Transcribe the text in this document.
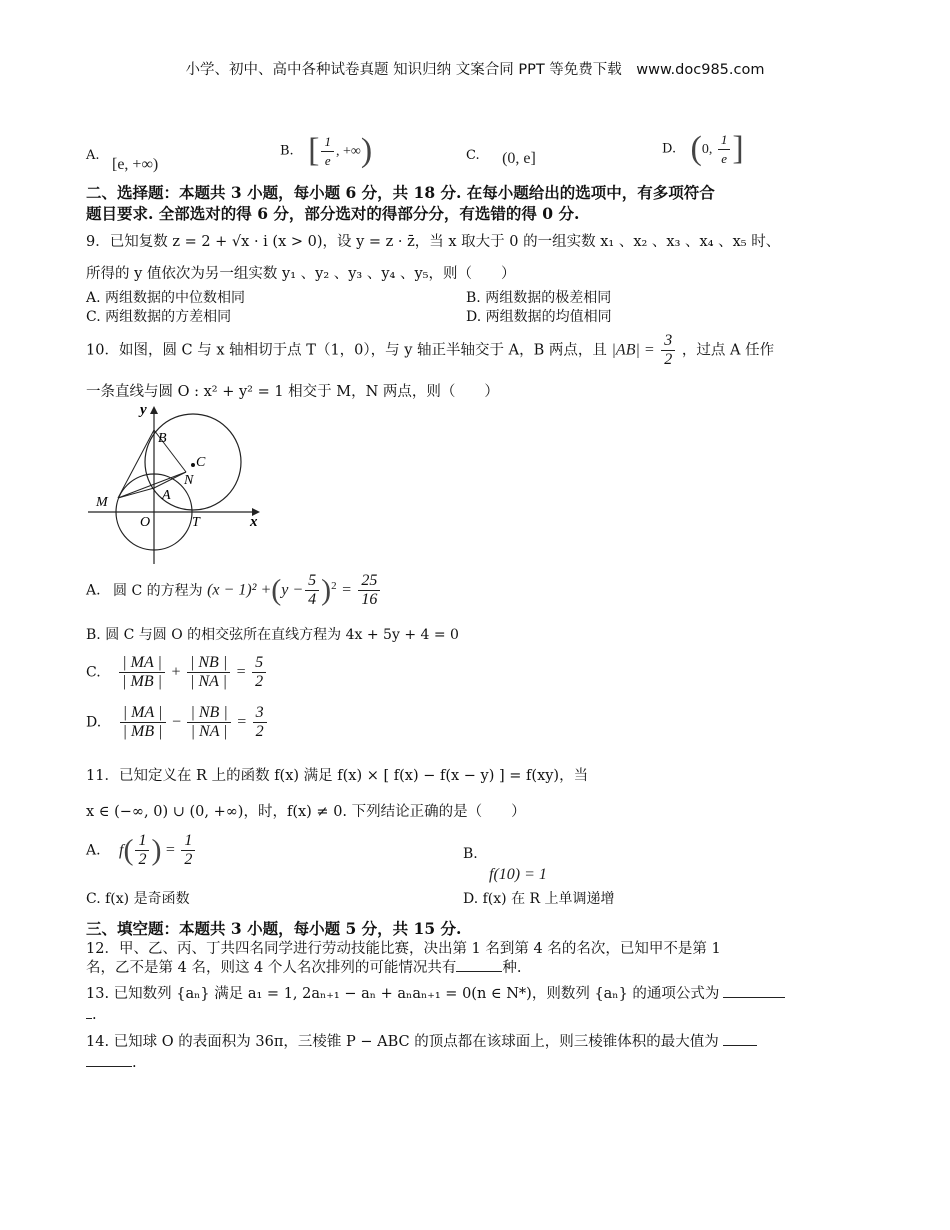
小学、初中、高中各种试卷真题 知识归纳 文案合同 PPT 等免费下载　www.doc985.com
A. [e, +∞)
B. [ $\frac{1}{e}$ , +∞)	C. (0, e]
D. (0, $\frac{1}{e}$ ]
二、选择题：本题共 3 小题，每小题 6 分，共 18 分. 在每小题给出的选项中，有多项符合
题目要求. 全部选对的得 6 分，部分选对的得部分分，有选错的得 0 分.
9．已知复数 z = 2 + √x · i (x > 0)，设 y = z · z̄，当 x 取大于 0 的一组实数 x₁ 、x₂ 、x₃ 、x₄ 、x₅ 时、
所得的 y 值依次为另一组实数 y₁ 、y₂ 、y₃ 、y₄ 、y₅，则（　　）
A. 两组数据的中位数相同	B. 两组数据的极差相同
C. 两组数据的方差相同	D. 两组数据的均值相同
10．如图，圆 C 与 x 轴相切于点 T（1，0），与 y 轴正半轴交于 A，B 两点，且 $|AB| = \frac{3}{2}$ ，过点 A 任作
一条直线与圆 O : x² + y² = 1 相交于 M，N 两点，则（　　）
y
x
B
C
N
A
M
O	T
A. 圆 C 的方程为 $(x - 1)^2 +(y - \frac{5}{4} )^2 = \frac{25}{16}$
B. 圆 C 与圆 O 的相交弦所在直线方程为 4x + 5y + 4 = 0
C. $\frac{| MA |}{| MB |} + \frac{| NB |}{| NA |} = \frac{5}{2}$
D. $\frac{| MA |}{| MB |} - \frac{| NB |}{| NA |} = \frac{3}{2}$
11．已知定义在 R 上的函数 f(x) 满足 f(x) × [ f(x) − f(x − y) ] = f(xy)，当
x ∈ (−∞, 0) ∪ (0, +∞)，时，f(x) ≠ 0. 下列结论正确的是（　　）
A. $f( \frac{1}{2}$ ) = $\frac{1}{2}$	B.
f(10) = 1
C. f(x) 是奇函数	D. f(x) 在 R 上单调递增
三、填空题：本题共 3 小题，每小题 5 分，共 15 分.
12．甲、乙、丙、丁共四名同学进行劳动技能比赛，决出第 1 名到第 4 名的名次，已知甲不是第 1
名，乙不是第 4 名，则这 4 个人名次排列的可能情况共有	种.
13. 已知数列 {aₙ} 满足 a₁ = 1, 2aₙ₊₁ − aₙ + aₙaₙ₊₁ = 0(n ∈ N*)，则数列 {aₙ} 的通项公式为
.
14. 已知球 O 的表面积为 36π，三棱锥 P − ABC 的顶点都在该球面上，则三棱锥体积的最大值为
.
